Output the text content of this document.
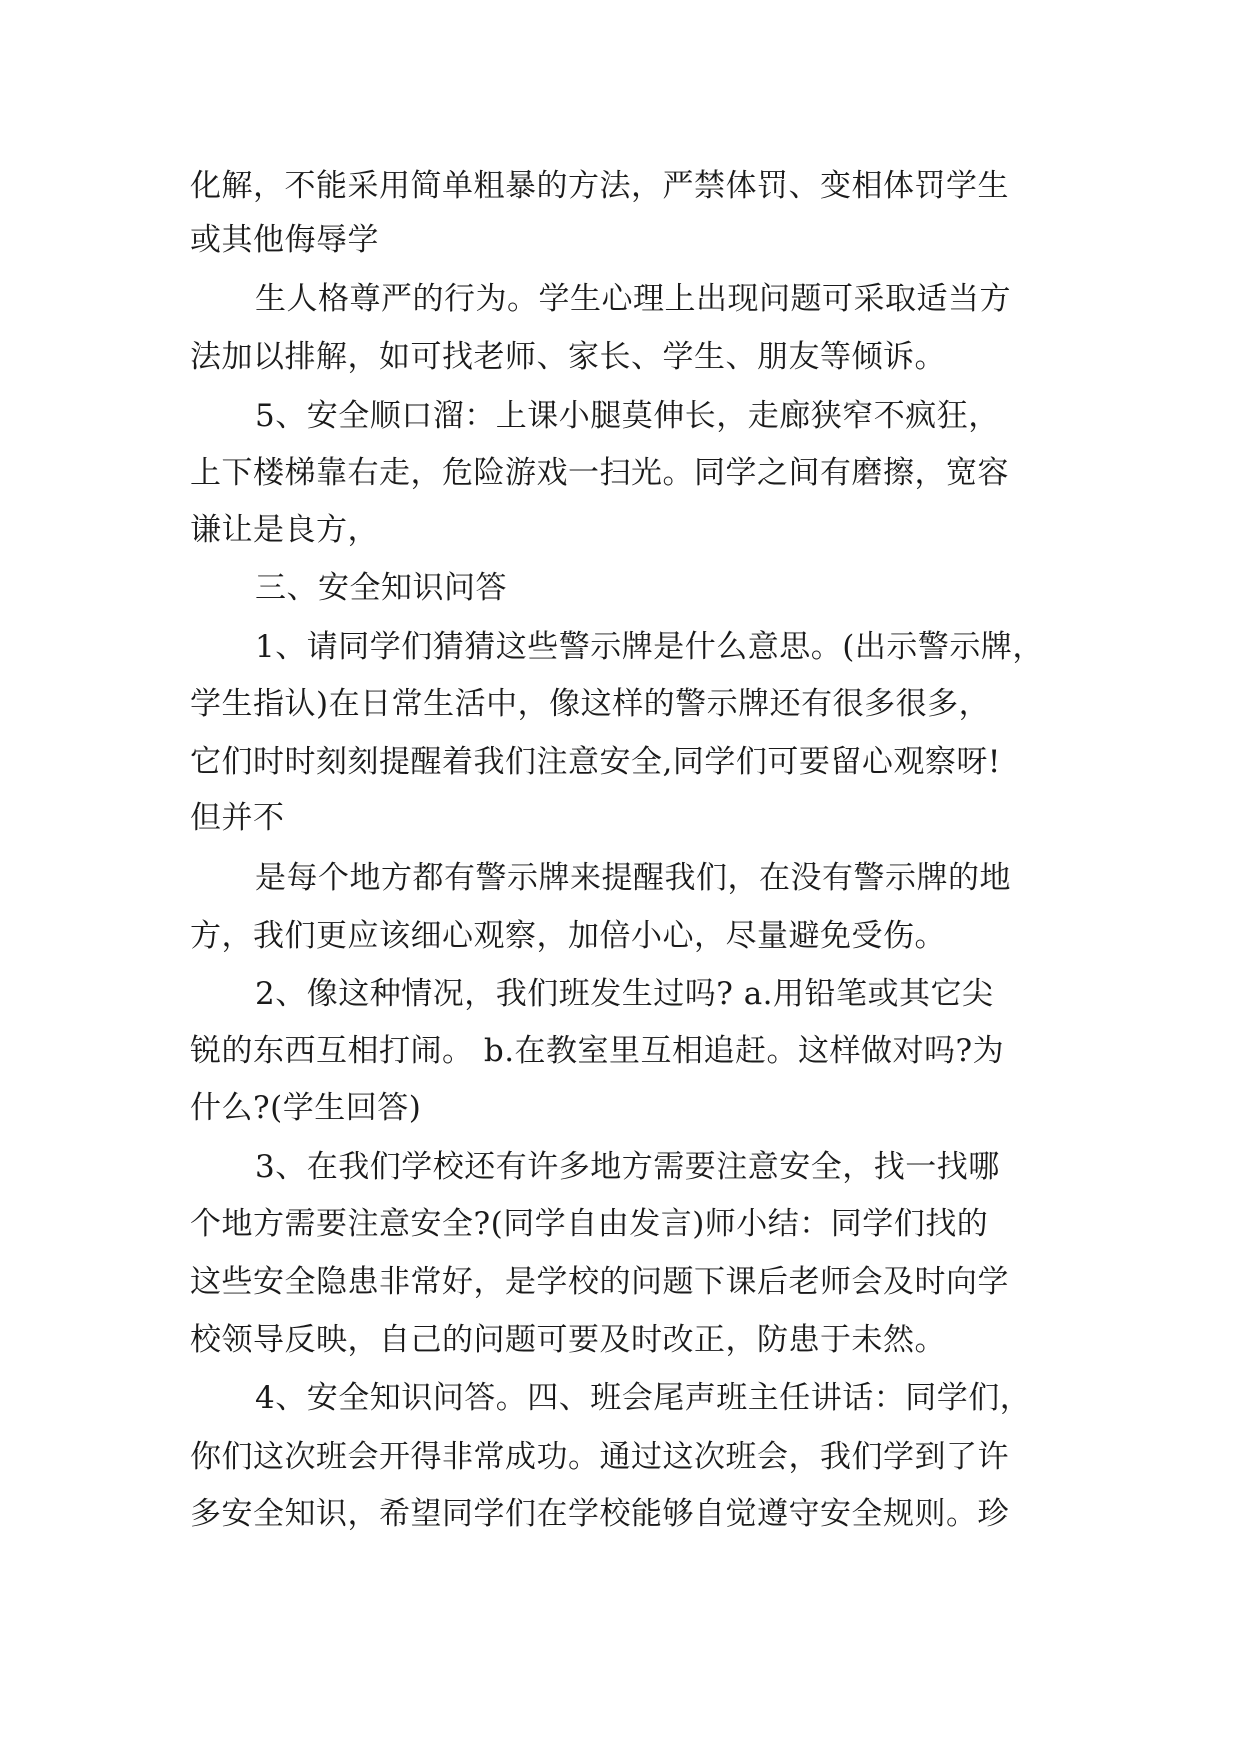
化解，不能采用简单粗暴的方法，严禁体罚、变相体罚学生
或其他侮辱学
生人格尊严的行为。学生心理上出现问题可采取适当方
法加以排解，如可找老师、家长、学生、朋友等倾诉。
5、安全顺口溜：上课小腿莫伸长，走廊狭窄不疯狂，
上下楼梯靠右走，危险游戏一扫光。同学之间有磨擦，宽容
谦让是良方，
三、安全知识问答
1、请同学们猜猜这些警示牌是什么意思。(出示警示牌，
学生指认)在日常生活中，像这样的警示牌还有很多很多，
它们时时刻刻提醒着我们注意安全,同学们可要留心观察呀!
但并不
是每个地方都有警示牌来提醒我们，在没有警示牌的地
方，我们更应该细心观察，加倍小心，尽量避免受伤。
2、像这种情况，我们班发生过吗? a.用铅笔或其它尖
锐的东西互相打闹。 b.在教室里互相追赶。这样做对吗?为
什么?(学生回答)
3、在我们学校还有许多地方需要注意安全，找一找哪
个地方需要注意安全?(同学自由发言)师小结：同学们找的
这些安全隐患非常好，是学校的问题下课后老师会及时向学
校领导反映，自己的问题可要及时改正，防患于未然。
4、安全知识问答。四、班会尾声班主任讲话：同学们，
你们这次班会开得非常成功。通过这次班会，我们学到了许
多安全知识，希望同学们在学校能够自觉遵守安全规则。珍
